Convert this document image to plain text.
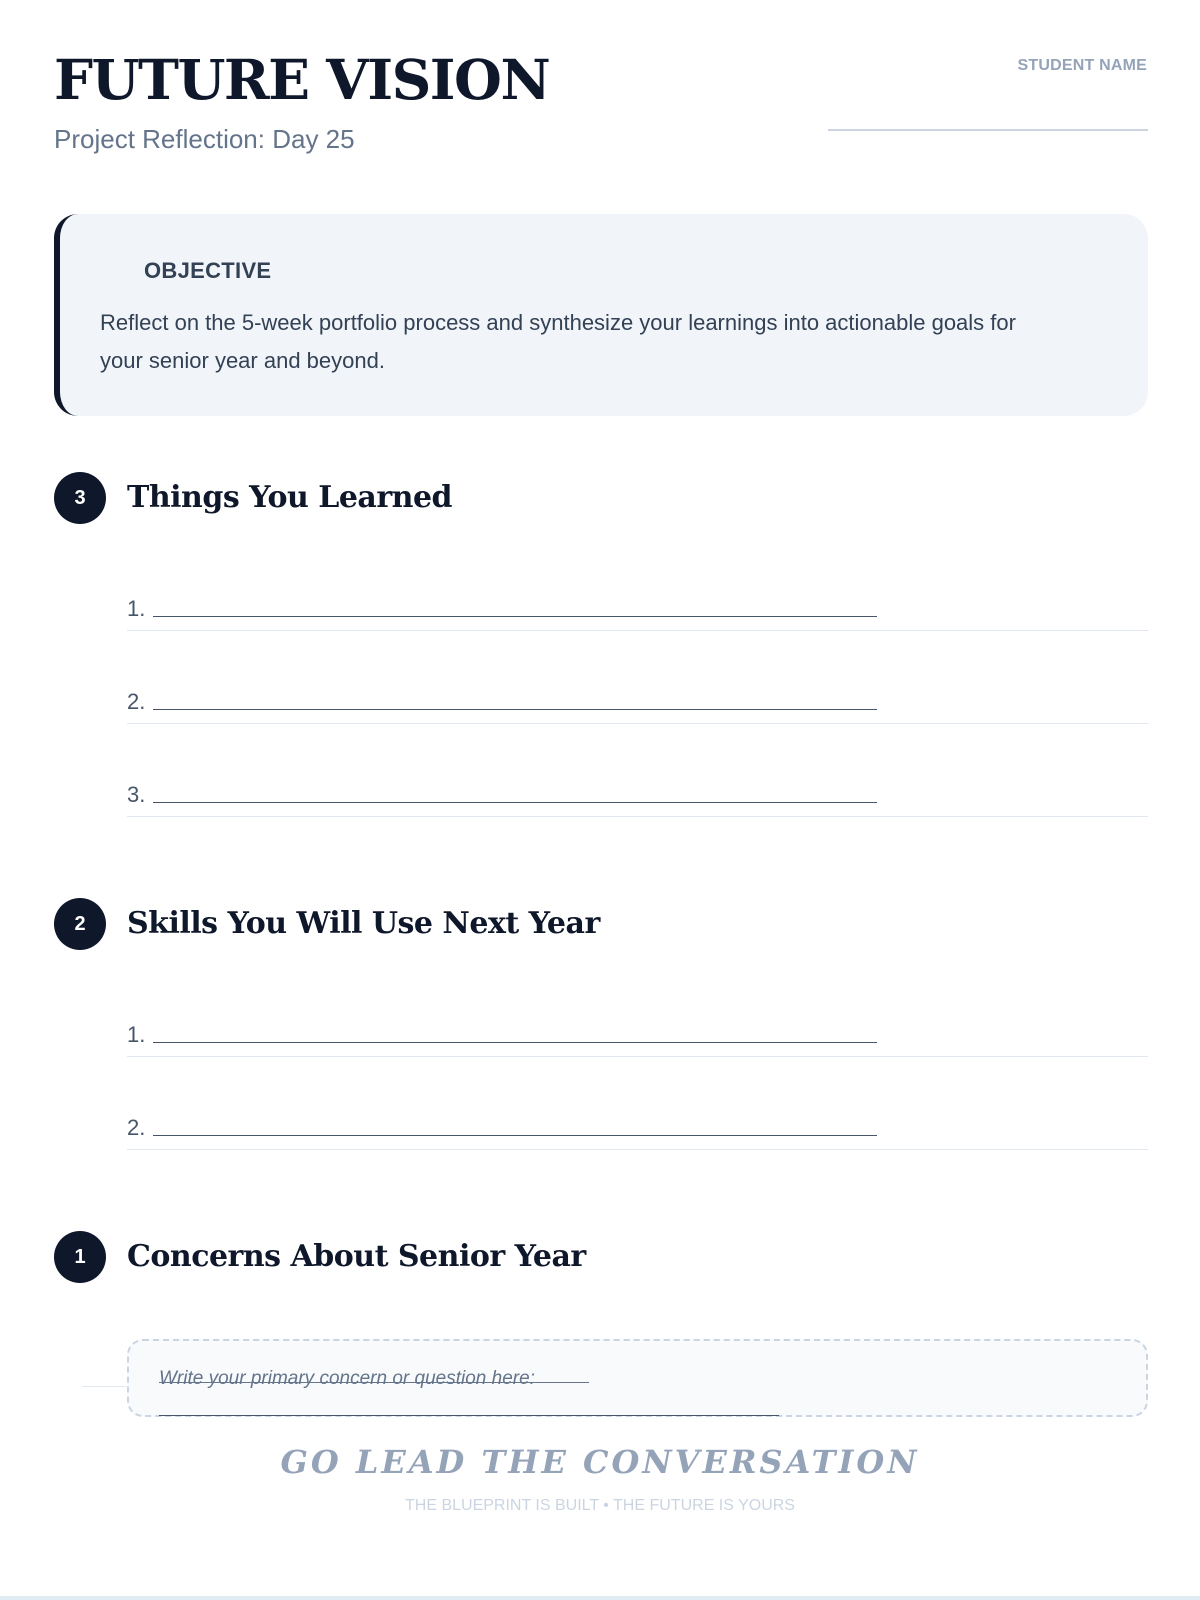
FUTURE VISION
Project Reflection: Day 25
STUDENT NAME
OBJECTIVE
Reflect on the 5-week portfolio process and synthesize your learnings into actionable goals for your senior year and beyond.
3	Things You Learned
1.
2.
3.
2	Skills You Will Use Next Year
1.
2.
1	Concerns About Senior Year
Write your primary concern or question here:
GO LEAD THE CONVERSATION
THE BLUEPRINT IS BUILT • THE FUTURE IS YOURS
